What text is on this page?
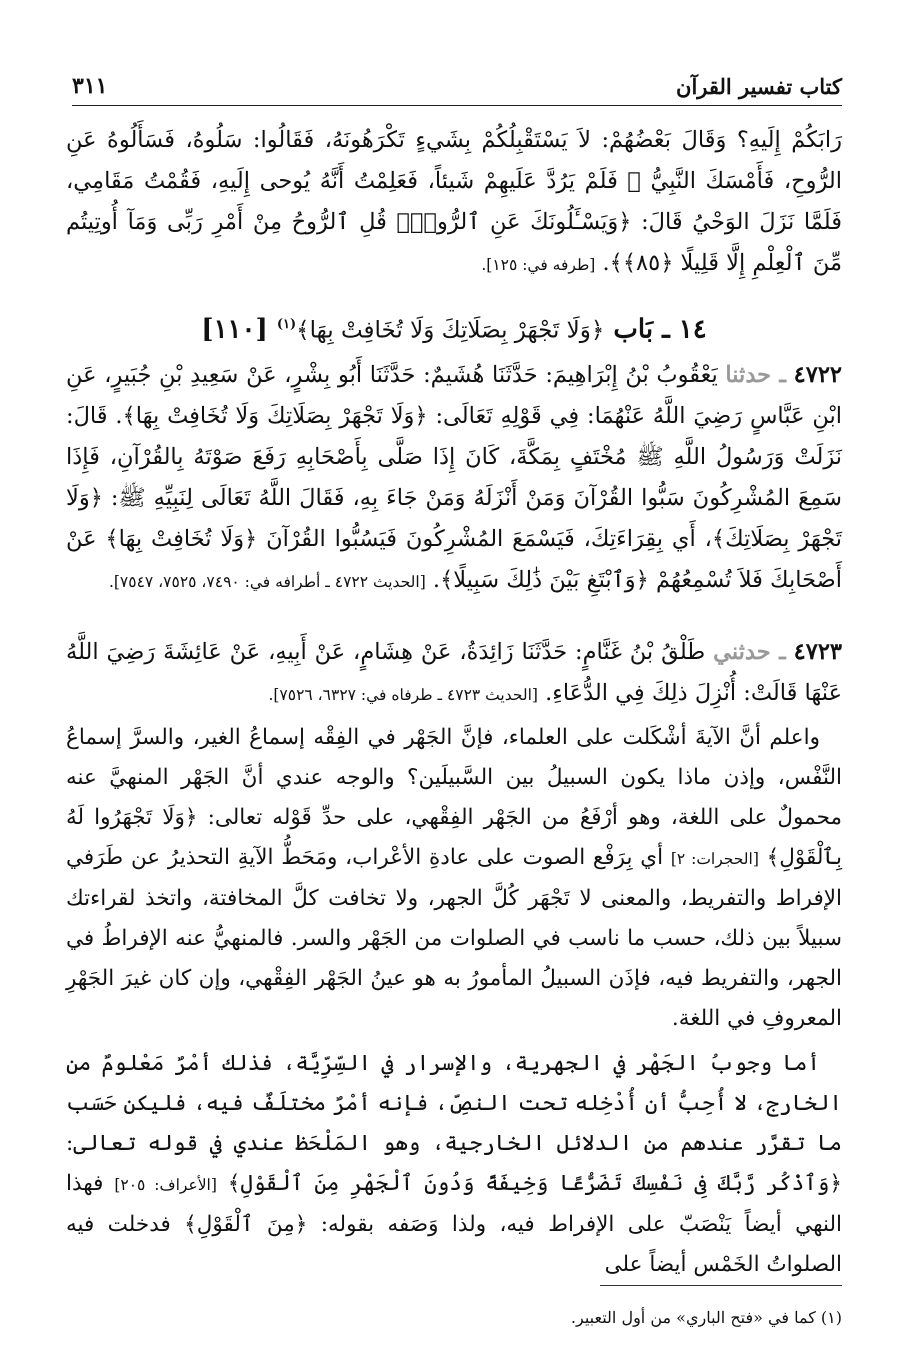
كتاب تفسير القرآن
٣١١

رَابَكُمْ إِلَيهِ؟ وَقَالَ بَعْضُهُمْ: لاَ يَسْتَقْبِلُكُمْ بِشَيءٍ تَكْرَهُونَهُ، فَقَالُوا: سَلُوهُ، فَسَأَلُوهُ عَنِ الرُّوحِ، فَأَمْسَكَ النَّبِيُّ ﷺ فَلَمْ يَرُدَّ عَلَيهِمْ شَيئاً، فَعَلِمْتُ أَنَّهُ يُوحى إِلَيهِ، فَقُمْتُ مَقَامِي، فَلَمَّا نَزَلَ الوَحْيُ قَالَ: ﴿وَيَسْـَٔلُونَكَ عَنِ ٱلرُّوحِۖ قُلِ ٱلرُّوحُ مِنْ أَمْرِ رَبِّى وَمَآ أُوتِيتُم مِّنَ ٱلْعِلْمِ إِلَّا قَلِيلًا ﴿٨٥﴾﴾. [طرفه في: ١٢٥].

١٤ ـ بَاب ﴿وَلَا تَجْهَرْ بِصَلَاتِكَ وَلَا تُخَافِتْ بِهَا﴾$^{(١)}$ [١١٠]

٤٧٢٢ ـ حدثنا يَعْقُوبُ بْنُ إِبْرَاهِيمَ: حَدَّثَنَا هُشَيمٌ: حَدَّثَنَا أَبُو بِشْرٍ، عَنْ سَعِيدِ بْنِ جُبَيرٍ، عَنِ ابْنِ عَبَّاسٍ رَضِيَ اللَّهُ عَنْهُمَا: فِي قَوْلِهِ تَعَالَى: ﴿وَلَا تَجْهَرْ بِصَلَاتِكَ وَلَا تُخَافِتْ بِهَا﴾. قَالَ: نَزَلَتْ وَرَسُولُ اللَّهِ ﷺ مُخْتَفٍ بِمَكَّةَ، كَانَ إِذَا صَلَّى بِأَصْحَابِهِ رَفَعَ صَوْتَهُ بِالقُرْآنِ، فَإِذَا سَمِعَ المُشْرِكُونَ سَبُّوا القُرْآنَ وَمَنْ أَنْزَلَهُ وَمَنْ جَاءَ بِهِ، فَقَالَ اللَّهُ تَعَالَى لِنَبِيِّهِ ﷺ: ﴿وَلَا تَجْهَرْ بِصَلَاتِكَ﴾، أَي بِقِرَاءَتِكَ، فَيَسْمَعَ المُشْرِكُونَ فَيَسُبُّوا القُرْآنَ ﴿وَلَا تُخَافِتْ بِهَا﴾ عَنْ أَصْحَابِكَ فَلاَ تُسْمِعُهُمْ ﴿وَٱبْتَغِ بَيْنَ ذَٰلِكَ سَبِيلًا﴾. [الحديث ٤٧٢٢ ـ أطرافه في: ٧٤٩٠، ٧٥٢٥، ٧٥٤٧].

٤٧٢٣ ـ حدثني طَلْقُ بْنُ غَنَّامٍ: حَدَّثَنَا زَائِدَةُ، عَنْ هِشَامٍ، عَنْ أَبِيهِ، عَنْ عَائِشَةَ رَضِيَ اللَّهُ عَنْهَا قَالَتْ: أُنْزِلَ ذلِكَ فِي الدُّعَاءِ. [الحديث ٤٧٢٣ ـ طرفاه في: ٦٣٢٧، ٧٥٢٦].

واعلم أنَّ الآيةَ أشْكَلت على العلماء، فإنَّ الجَهْر في الفِقْه إسماعُ الغير، والسرَّ إسماعُ النَّفْس، وإذن ماذا يكون السبيلُ بين السَّبيلَين؟ والوجه عندي أنَّ الجَهْر المنهيَّ عنه محمولٌ على اللغة، وهو أرْفَعُ من الجَهْر الفِقْهي، على حدِّ قَوْله تعالى: ﴿وَلَا تَجْهَرُوا لَهُ بِٱلْقَوْلِ﴾ [الحجرات: ٢] أي بِرَفْع الصوت على عادةِ الأعْراب، ومَحَطُّ الآيةِ التحذيرُ عن طَرَفي الإفراط والتفريط، والمعنى لا تَجْهَر كُلَّ الجهر، ولا تخافت كلَّ المخافتة، واتخذ لقراءتك سبيلاً بين ذلك، حسب ما ناسب في الصلوات من الجَهْر والسر. فالمنهيُّ عنه الإفراطُ في الجهر، والتفريط فيه، فإذَن السبيلُ المأمورُ به هو عينُ الجَهْر الفِقْهي، وإن كان غيرَ الجَهْرِ المعروفِ في اللغة.

أما وجوبُ الجَهْر في الجهرية، والإسرار في السِّرِّيَّة، فذلك أمْرٌ مَعْلومٌ من الخارج، لا أُحِبُّ أن أُدْخِله تحت النصِّ، فإنه أمْرٌ مختلَفٌ فيه، فليكن حَسَب ما تقرَّر عندهم من الدلائل الخارجية، وهو المَلْحَظ عندي في قوله تعالى: ﴿وَٱذْكُر رَّبَّكَ فِى نَفْسِكَ تَضَرُّعًا وَخِيفَةً وَدُونَ ٱلْجَهْرِ مِنَ ٱلْقَوْلِ﴾ [الأعراف: ٢٠٥] فهذا النهي أيضاً يَنْصَبّ على الإفراط فيه، ولذا وَصَفه بقوله: ﴿مِنَ ٱلْقَوْلِ﴾ فدخلت فيه الصلواتُ الخَمْس أيضاً على

(١) كما في «فتح الباري» من أول التعبير.
